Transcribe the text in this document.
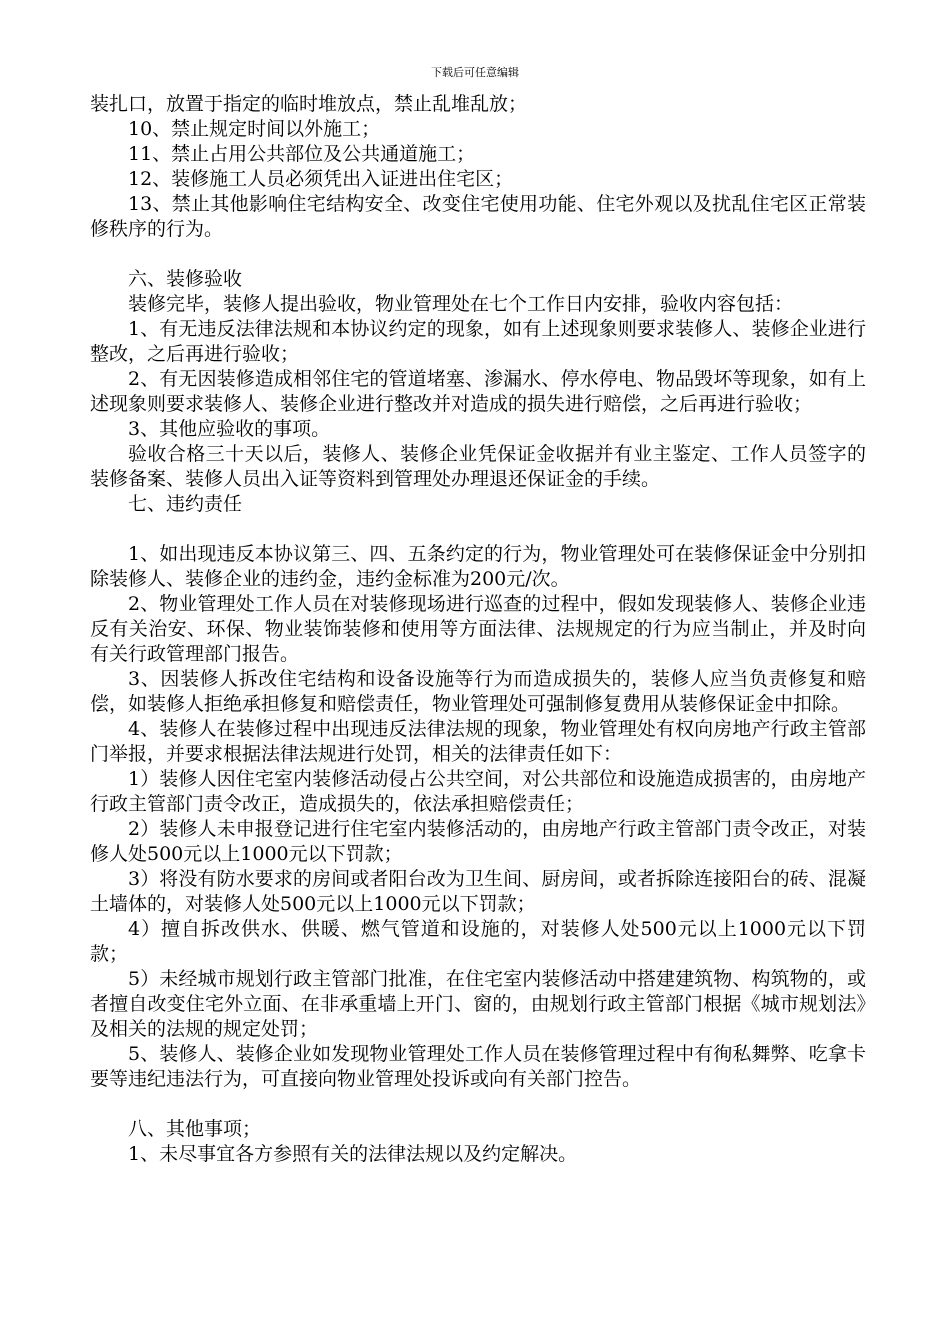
下载后可任意编辑

装扎口，放置于指定的临时堆放点，禁止乱堆乱放；

10、禁止规定时间以外施工；

11、禁止占用公共部位及公共通道施工；

12、装修施工人员必须凭出入证进出住宅区；

13、禁止其他影响住宅结构安全、改变住宅使用功能、住宅外观以及扰乱住宅区正常装修秩序的行为。

六、装修验收

装修完毕，装修人提出验收，物业管理处在七个工作日内安排，验收内容包括：

1、有无违反法律法规和本协议约定的现象，如有上述现象则要求装修人、装修企业进行整改，之后再进行验收；

2、有无因装修造成相邻住宅的管道堵塞、渗漏水、停水停电、物品毁坏等现象，如有上述现象则要求装修人、装修企业进行整改并对造成的损失进行赔偿，之后再进行验收；

3、其他应验收的事项。

验收合格三十天以后，装修人、装修企业凭保证金收据并有业主鉴定、工作人员签字的装修备案、装修人员出入证等资料到管理处办理退还保证金的手续。

七、违约责任

1、如出现违反本协议第三、四、五条约定的行为，物业管理处可在装修保证金中分别扣除装修人、装修企业的违约金，违约金标准为200元/次。

2、物业管理处工作人员在对装修现场进行巡查的过程中，假如发现装修人、装修企业违反有关治安、环保、物业装饰装修和使用等方面法律、法规规定的行为应当制止，并及时向有关行政管理部门报告。

3、因装修人拆改住宅结构和设备设施等行为而造成损失的，装修人应当负责修复和赔偿，如装修人拒绝承担修复和赔偿责任，物业管理处可强制修复费用从装修保证金中扣除。

4、装修人在装修过程中出现违反法律法规的现象，物业管理处有权向房地产行政主管部门举报，并要求根据法律法规进行处罚，相关的法律责任如下：

1）装修人因住宅室内装修活动侵占公共空间，对公共部位和设施造成损害的，由房地产行政主管部门责令改正，造成损失的，依法承担赔偿责任；

2）装修人未申报登记进行住宅室内装修活动的，由房地产行政主管部门责令改正，对装修人处500元以上1000元以下罚款；

3）将没有防水要求的房间或者阳台改为卫生间、厨房间，或者拆除连接阳台的砖、混凝土墙体的，对装修人处500元以上1000元以下罚款；

4）擅自拆改供水、供暖、燃气管道和设施的，对装修人处500元以上1000元以下罚款；

5）未经城市规划行政主管部门批准，在住宅室内装修活动中搭建建筑物、构筑物的，或者擅自改变住宅外立面、在非承重墙上开门、窗的，由规划行政主管部门根据《城市规划法》及相关的法规的规定处罚；

5、装修人、装修企业如发现物业管理处工作人员在装修管理过程中有徇私舞弊、吃拿卡要等违纪违法行为，可直接向物业管理处投诉或向有关部门控告。

八、其他事项；

1、未尽事宜各方参照有关的法律法规以及约定解决。
